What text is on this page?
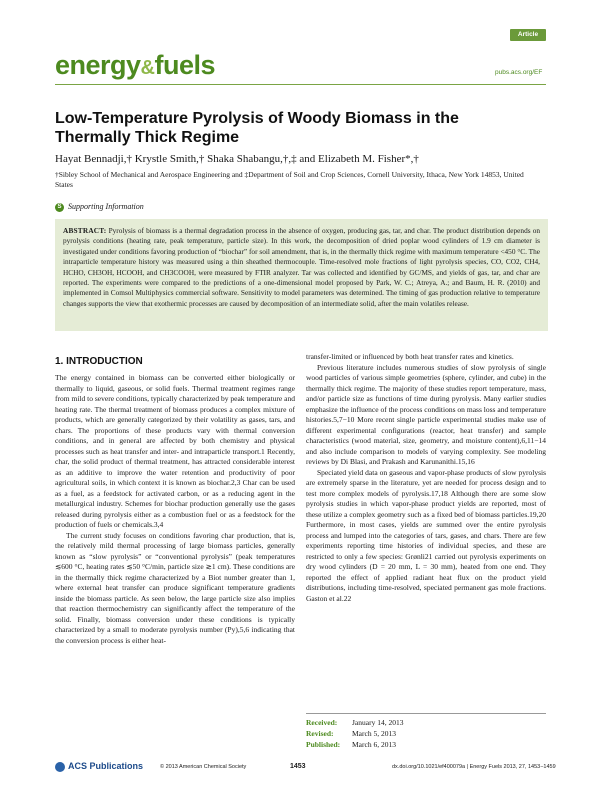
Article
energy&fuels	pubs.acs.org/EF
Low-Temperature Pyrolysis of Woody Biomass in the Thermally Thick Regime
Hayat Bennadji,† Krystle Smith,† Shaka Shabangu,†,‡ and Elizabeth M. Fisher*,†
†Sibley School of Mechanical and Aerospace Engineering and ‡Department of Soil and Crop Sciences, Cornell University, Ithaca, New York 14853, United States
S Supporting Information
ABSTRACT: Pyrolysis of biomass is a thermal degradation process in the absence of oxygen, producing gas, tar, and char. The product distribution depends on pyrolysis conditions (heating rate, peak temperature, particle size). In this work, the decomposition of dried poplar wood cylinders of 1.9 cm diameter is investigated under conditions favoring production of “biochar” for soil amendment, that is, in the thermally thick regime with maximum temperature <450 °C. The intraparticle temperature history was measured using a thin sheathed thermocouple. Time-resolved mole fractions of light pyrolysis species, CO, CO2, CH4, HCHO, CH3OH, HCOOH, and CH3COOH, were measured by FTIR analyzer. Tar was collected and identified by GC/MS, and yields of gas, tar, and char are reported. The experiments were compared to the predictions of a one-dimensional model proposed by Park, W. C.; Atreya, A.; and Baum, H. R. (2010) and implemented in Comsol Multiphysics commercial software. Sensitivity to model parameters was determined. The timing of gas production relative to temperature changes supports the view that exothermic processes are caused by decomposition of an intermediate solid, after the main volatiles release.
1. INTRODUCTION

The energy contained in biomass can be converted either biologically or thermally to liquid, gaseous, or solid fuels. Thermal treatment regimes range from mild to severe conditions, typically characterized by peak temperature and heating rate. The thermal treatment of biomass produces a complex mixture of products, which are generally categorized by their volatility as gases, tars, and chars. The proportions of these products vary with thermal conversion conditions, and in general are affected by both chemistry and physical processes such as heat transfer and inter- and intraparticle transport.1 Recently, char, the solid product of thermal treatment, has attracted considerable interest as an additive to improve the water retention and productivity of poor agricultural soils, in which context it is known as biochar.2,3 Char can be used as a fuel, as a feedstock for activated carbon, or as a reducing agent in the metallurgical industry. Schemes for biochar production generally use the gases released during pyrolysis either as a combustion fuel or as a feedstock for the production of fuels or chemicals.3,4

The current study focuses on conditions favoring char production, that is, the relatively mild thermal processing of large biomass particles, generally known as “slow pyrolysis” or “conventional pyrolysis” (peak temperatures ≲600 °C, heating rates ≲50 °C/min, particle size ≳1 cm). These conditions are in the thermally thick regime characterized by a Biot number greater than 1, where external heat transfer can produce significant temperature gradients inside the biomass particle. As seen below, the large particle size also implies that reaction thermochemistry can significantly affect the temperature of the solid. Finally, biomass conversion under these conditions is typically characterized by a small to moderate pyrolysis number (Py),5,6 indicating that the conversion process is either heat-

transfer-limited or influenced by both heat transfer rates and kinetics.

Previous literature includes numerous studies of slow pyrolysis of single wood particles of various simple geometries (sphere, cylinder, and cube) in the thermally thick regime. The majority of these studies report temperature, mass, and/or particle size as functions of time during pyrolysis. Many earlier studies emphasize the influence of the process conditions on mass loss and temperature histories.5,7−10 More recent single particle experimental studies make use of different experimental configurations (reactor, heat transfer) and sample characteristics (wood material, size, geometry, and moisture content),6,11−14 and also include comparison to models of varying complexity. See modeling reviews by Di Blasi, and Prakash and Karunanithi.15,16

Speciated yield data on gaseous and vapor-phase products of slow pyrolysis are extremely sparse in the literature, yet are needed for process design and to test more complex models of pyrolysis.17,18 Although there are some slow pyrolysis studies in which vapor-phase product yields are reported, most of these utilize a complex geometry such as a fixed bed of biomass particles.19,20 Furthermore, in most cases, yields are summed over the entire pyrolysis process and lumped into the categories of tars, gases, and chars. There are few experiments reporting time histories of individual species, and these are restricted to only a few species: Grønli21 carried out pyrolysis experiments on dry wood cylinders (D = 20 mm, L = 30 mm), heated from one end. They reported the effect of applied radiant heat flux on the product yield distributions, including time-resolved, speciated permanent gas mole fractions. Gaston et al.22

Received: January 14, 2013
Revised: March 5, 2013
Published: March 6, 2013
ACS Publications	© 2013 American Chemical Society	1453	dx.doi.org/10.1021/ef400079a | Energy Fuels 2013, 27, 1453−1459
